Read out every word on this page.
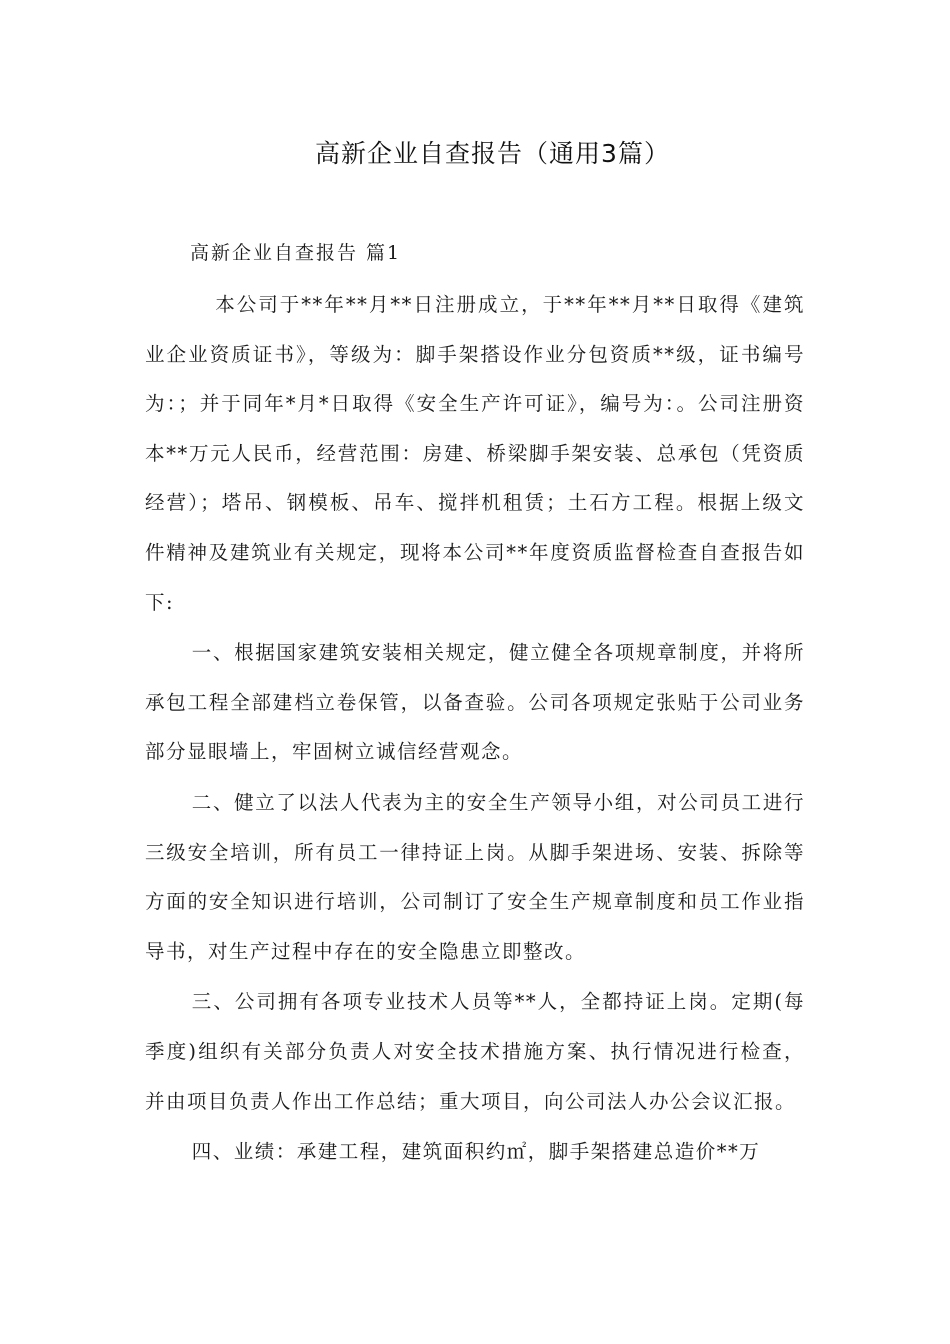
高新企业自查报告（通用3篇）
高新企业自查报告 篇1

本公司于**年**月**日注册成立，于**年**月**日取得《建筑业企业资质证书》，等级为：脚手架搭设作业分包资质**级，证书编号为：；并于同年*月*日取得《安全生产许可证》，编号为：。公司注册资本**万元人民币，经营范围：房建、桥梁脚手架安装、总承包（凭资质经营）；塔吊、钢模板、吊车、搅拌机租赁；土石方工程。根据上级文件精神及建筑业有关规定，现将本公司**年度资质监督检查自查报告如下:

一、根据国家建筑安装相关规定，健立健全各项规章制度，并将所承包工程全部建档立卷保管，以备查验。公司各项规定张贴于公司业务部分显眼墙上，牢固树立诚信经营观念。

二、健立了以法人代表为主的安全生产领导小组，对公司员工进行三级安全培训，所有员工一律持证上岗。从脚手架进场、安装、拆除等方面的安全知识进行培训，公司制订了安全生产规章制度和员工作业指导书，对生产过程中存在的安全隐患立即整改。

三、公司拥有各项专业技术人员等**人，全都持证上岗。定期(每季度)组织有关部分负责人对安全技术措施方案、执行情况进行检查，并由项目负责人作出工作总结；重大项目，向公司法人办公会议汇报。

四、业绩：承建工程，建筑面积约㎡，脚手架搭建总造价**万
